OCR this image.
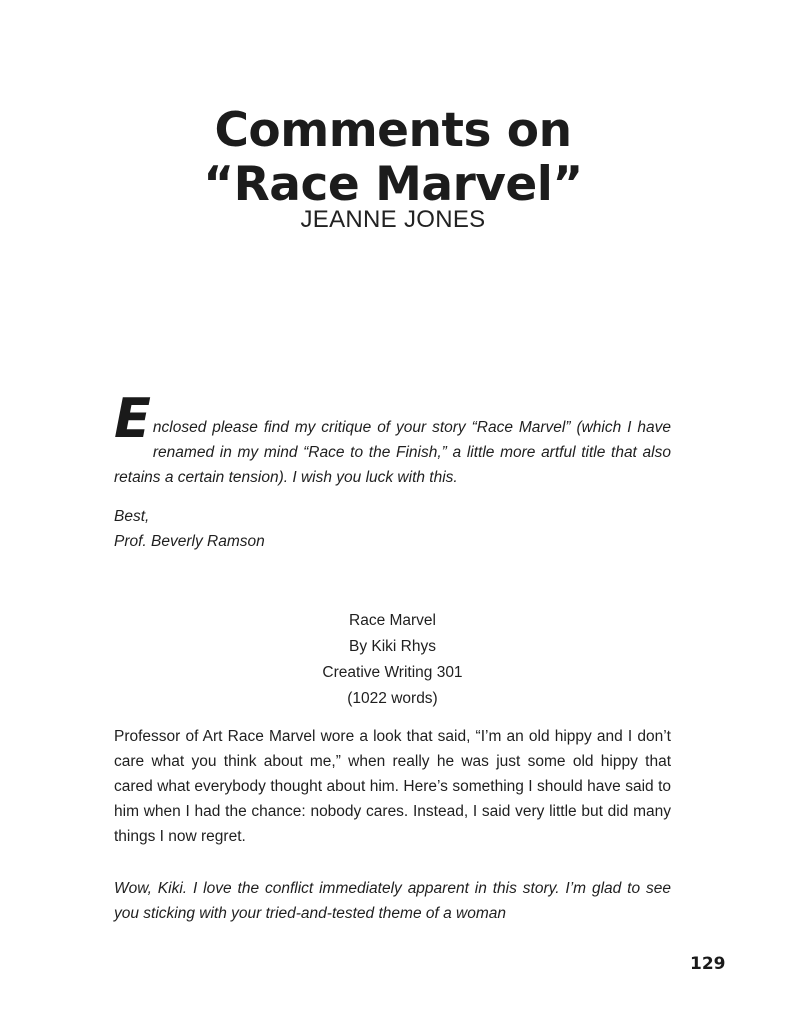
Comments on
“Race Marvel”
JEANNE JONES
E nclosed please find my critique of your story “Race Marvel” (which I have renamed in my mind “Race to the Finish,” a little more artful title that also retains a certain tension). I wish you luck with this.

Best,

Prof. Beverly Ramson

Race Marvel
By Kiki Rhys
Creative Writing 301
(1022 words)

Professor of Art Race Marvel wore a look that said, “I’m an old hippy and I don’t care what you think about me,” when really he was just some old hippy that cared what everybody thought about him. Here’s something I should have said to him when I had the chance: nobody cares. Instead, I said very little but did many things I now regret.

Wow, Kiki. I love the conflict immediately apparent in this story. I’m glad to see you sticking with your tried-and-tested theme of a woman

129
